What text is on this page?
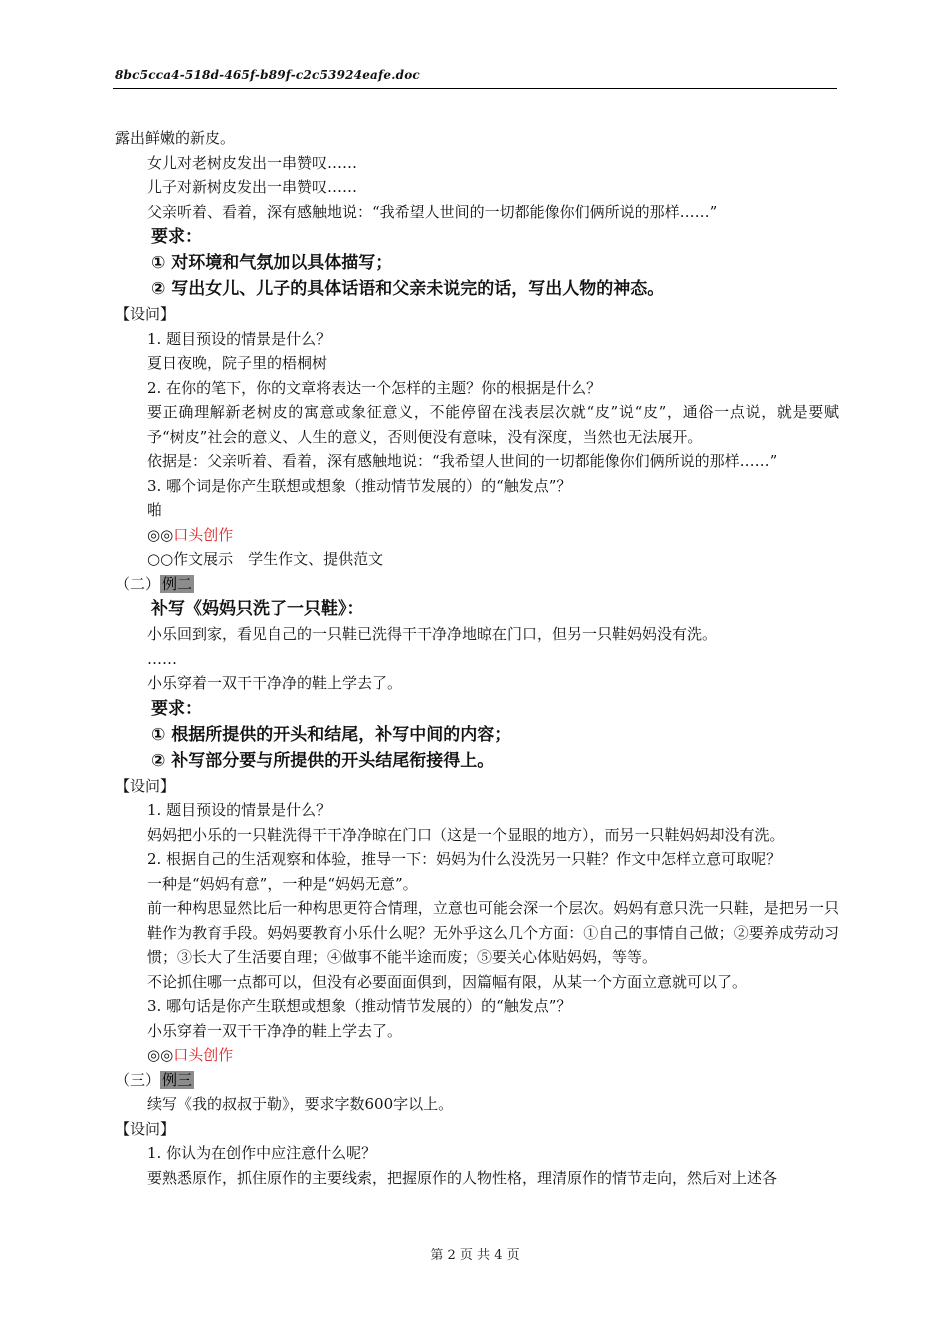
8bc5cca4-518d-465f-b89f-c2c53924eafe.doc
露出鲜嫩的新皮。
女儿对老树皮发出一串赞叹……
儿子对新树皮发出一串赞叹……
父亲听着、看着，深有感触地说：“我希望人世间的一切都能像你们俩所说的那样……”
要求：
① 对环境和气氛加以具体描写；
② 写出女儿、儿子的具体话语和父亲未说完的话，写出人物的神态。
【设问】
1. 题目预设的情景是什么？
夏日夜晚，院子里的梧桐树
2. 在你的笔下，你的文章将表达一个怎样的主题？你的根据是什么？
要正确理解新老树皮的寓意或象征意义，不能停留在浅表层次就“皮”说“皮”，通俗一点说，就是要赋予“树皮”社会的意义、人生的意义，否则便没有意味，没有深度，当然也无法展开。
依据是：父亲听着、看着，深有感触地说：“我希望人世间的一切都能像你们俩所说的那样……”
3. 哪个词是你产生联想或想象（推动情节发展的）的“触发点”？
啪
◎◎口头创作
○○作文展示　学生作文、提供范文
（二） 例二
补写《妈妈只洗了一只鞋》：
小乐回到家，看见自己的一只鞋已洗得干干净净地晾在门口，但另一只鞋妈妈没有洗。
……
小乐穿着一双干干净净的鞋上学去了。
要求：
① 根据所提供的开头和结尾，补写中间的内容；
② 补写部分要与所提供的开头结尾衔接得上。
【设问】
1. 题目预设的情景是什么？
妈妈把小乐的一只鞋洗得干干净净晾在门口（这是一个显眼的地方），而另一只鞋妈妈却没有洗。
2. 根据自己的生活观察和体验，推导一下：妈妈为什么没洗另一只鞋？作文中怎样立意可取呢？
一种是“妈妈有意”，一种是“妈妈无意”。
前一种构思显然比后一种构思更符合情理，立意也可能会深一个层次。妈妈有意只洗一只鞋，是把另一只鞋作为教育手段。妈妈要教育小乐什么呢？无外乎这么几个方面：①自己的事情自己做；②要养成劳动习惯；③长大了生活要自理；④做事不能半途而废；⑤要关心体贴妈妈，等等。
不论抓住哪一点都可以，但没有必要面面俱到，因篇幅有限，从某一个方面立意就可以了。
3. 哪句话是你产生联想或想象（推动情节发展的）的“触发点”？
小乐穿着一双干干净净的鞋上学去了。
◎◎口头创作
（三） 例三
续写《我的叔叔于勒》，要求字数600字以上。
【设问】
1. 你认为在创作中应注意什么呢？
要熟悉原作，抓住原作的主要线索，把握原作的人物性格，理清原作的情节走向，然后对上述各
第 2 页 共 4 页
